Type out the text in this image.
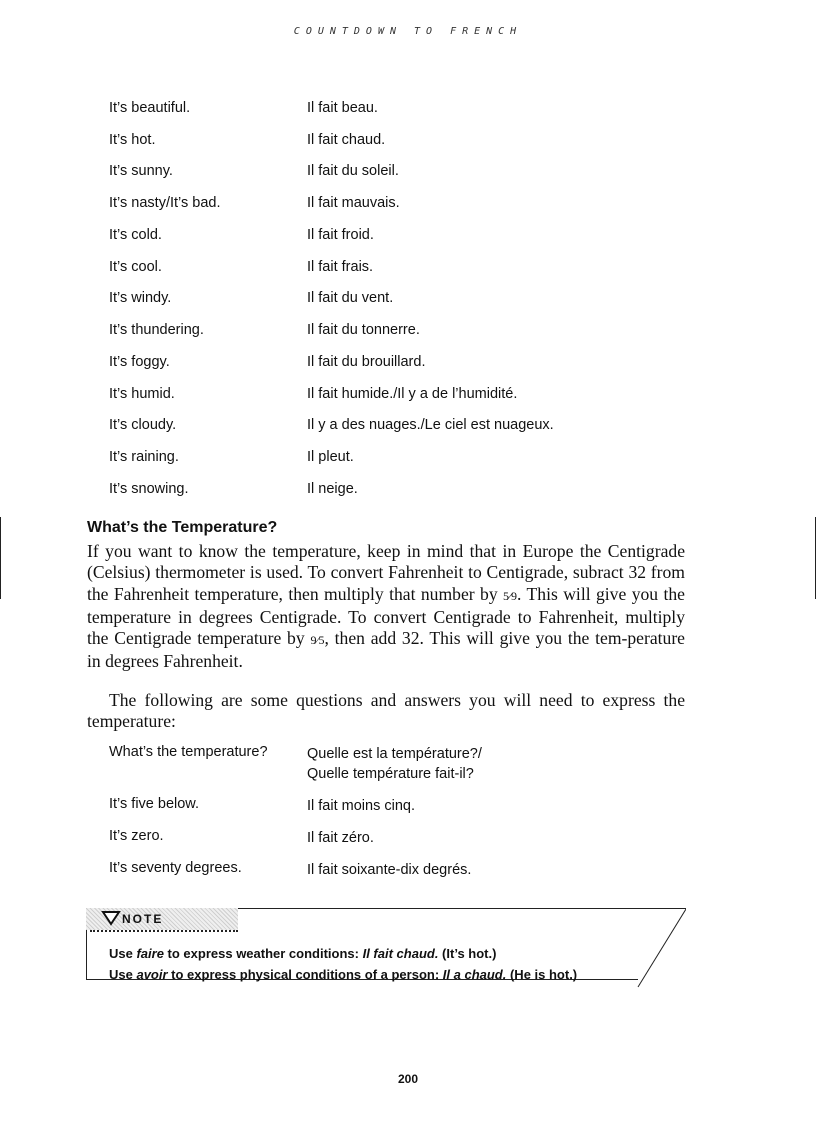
COUNTDOWN TO FRENCH
It’s beautiful.	Il fait beau.
It’s hot.	Il fait chaud.
It’s sunny.	Il fait du soleil.
It’s nasty/It’s bad.	Il fait mauvais.
It’s cold.	Il fait froid.
It’s cool.	Il fait frais.
It’s windy.	Il fait du vent.
It’s thundering.	Il fait du tonnerre.
It’s foggy.	Il fait du brouillard.
It’s humid.	Il fait humide./Il y a de l’humidité.
It’s cloudy.	Il y a des nuages./Le ciel est nuageux.
It’s raining.	Il pleut.
It’s snowing.	Il neige.
What’s the Temperature?

If you want to know the temperature, keep in mind that in Europe the Centigrade (Celsius) thermometer is used. To convert Fahrenheit to Centigrade, subract 32 from the Fahrenheit temperature, then multiply that number by 5⁄9. This will give you the temperature in degrees Centigrade. To convert Centigrade to Fahrenheit, multiply the Centigrade temperature by 9⁄5, then add 32. This will give you the tem-perature in degrees Fahrenheit.

The following are some questions and answers you will need to express the temperature:

What’s the temperature?	Quelle est la température?/
Quelle température fait-il?
It’s five below.	Il fait moins cinq.
It’s zero.	Il fait zéro.
It’s seventy degrees.	Il fait soixante-dix degrés.
NOTE
Use faire to express weather conditions: Il fait chaud. (It’s hot.)
Use avoir to express physical conditions of a person: Il a chaud. (He is hot.)
200
